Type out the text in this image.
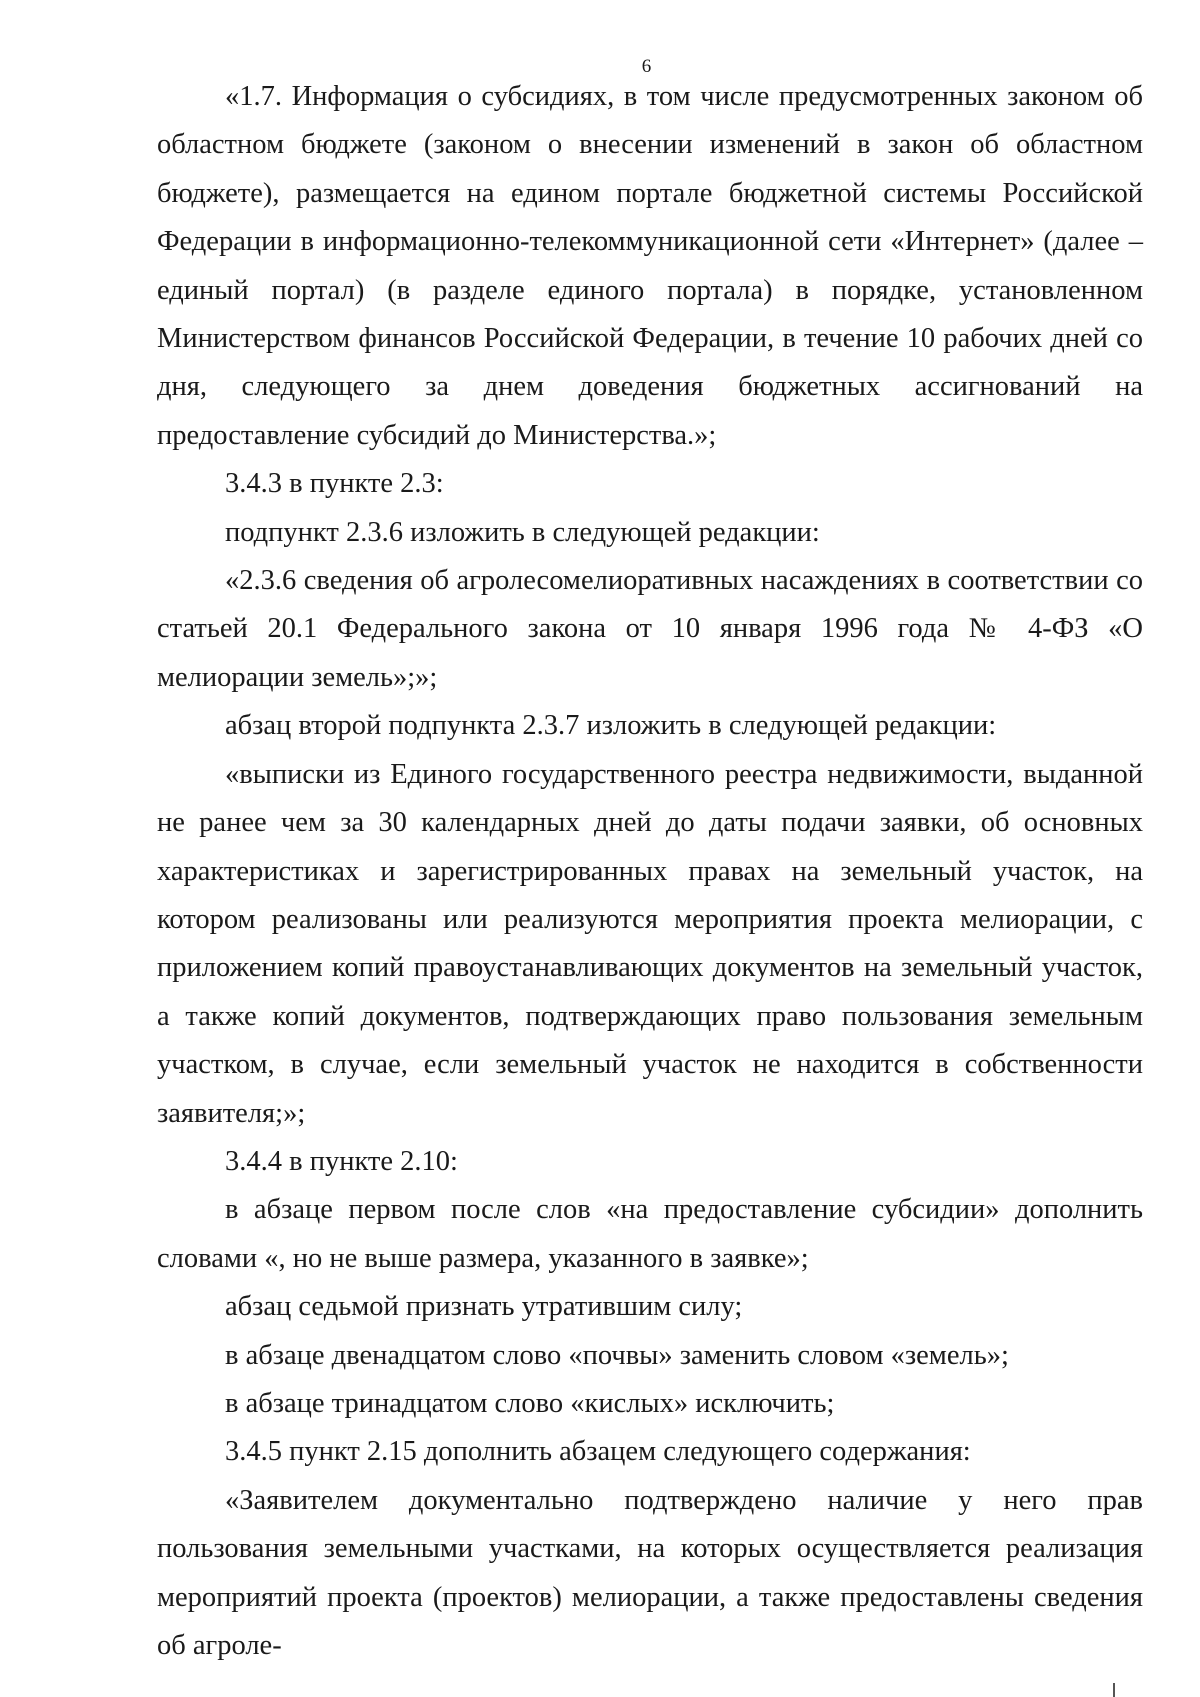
6

«1.7. Информация о субсидиях, в том числе предусмотренных законом об областном бюджете (законом о внесении изменений в закон об областном бюджете), размещается на едином портале бюджетной системы Российской Федерации в информационно-телекоммуникационной сети «Интернет» (далее – единый портал) (в разделе единого портала) в порядке, установленном Министерством финансов Российской Федерации, в течение 10 рабочих дней со дня, следующего за днем доведения бюджетных ассигнований на предоставление субсидий до Министерства.»;

3.4.3 в пункте 2.3:

подпункт 2.3.6 изложить в следующей редакции:

«2.3.6 сведения об агролесомелиоративных насаждениях в соответствии со статьей 20.1 Федерального закона от 10 января 1996 года № 4-ФЗ «О мелиорации земель»;»;

абзац второй подпункта 2.3.7 изложить в следующей редакции:

«выписки из Единого государственного реестра недвижимости, выданной не ранее чем за 30 календарных дней до даты подачи заявки, об основных характеристиках и зарегистрированных правах на земельный участок, на котором реализованы или реализуются мероприятия проекта мелиорации, с приложением копий правоустанавливающих документов на земельный участок, а также копий документов, подтверждающих право пользования земельным участком, в случае, если земельный участок не находится в собственности заявителя;»;

3.4.4 в пункте 2.10:

в абзаце первом после слов «на предоставление субсидии» дополнить словами «, но не выше размера, указанного в заявке»;

абзац седьмой признать утратившим силу;

в абзаце двенадцатом слово «почвы» заменить словом «земель»;

в абзаце тринадцатом слово «кислых» исключить;

3.4.5 пункт 2.15 дополнить абзацем следующего содержания:

«Заявителем документально подтверждено наличие у него прав пользования земельными участками, на которых осуществляется реализация мероприятий проекта (проектов) мелиорации, а также предоставлены сведения об агроле-
